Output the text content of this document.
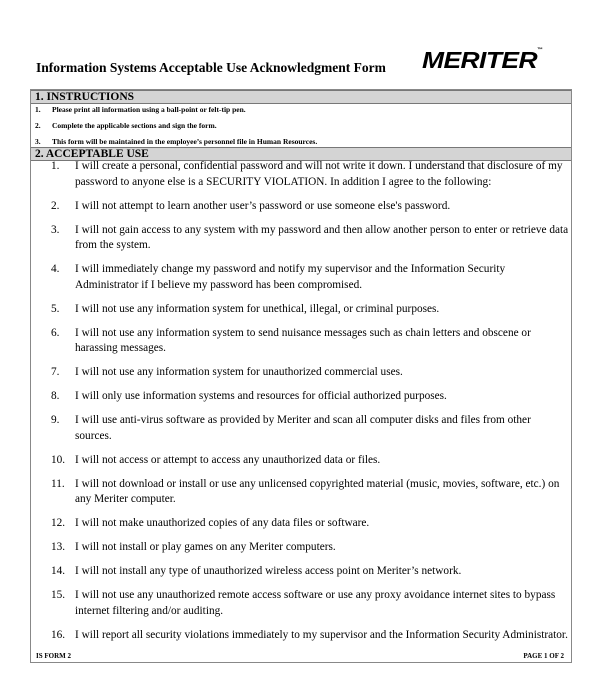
Information Systems Acceptable Use Acknowledgment Form MERITER™
1. INSTRUCTIONS
1. Please print all information using a ball-point or felt-tip pen.
2. Complete the applicable sections and sign the form.
3. This form will be maintained in the employee’s personnel file in Human Resources.
2. ACCEPTABLE USE
1. I will create a personal, confidential password and will not write it down. I understand that disclosure of my password to anyone else is a SECURITY VIOLATION. In addition I agree to the following:
2. I will not attempt to learn another user’s password or use someone else's password.
3. I will not gain access to any system with my password and then allow another person to enter or retrieve data from the system.
4. I will immediately change my password and notify my supervisor and the Information Security Administrator if I believe my password has been compromised.
5. I will not use any information system for unethical, illegal, or criminal purposes.
6. I will not use any information system to send nuisance messages such as chain letters and obscene or harassing messages.
7. I will not use any information system for unauthorized commercial uses.
8. I will only use information systems and resources for official authorized purposes.
9. I will use anti-virus software as provided by Meriter and scan all computer disks and files from other sources.
10. I will not access or attempt to access any unauthorized data or files.
11. I will not download or install or use any unlicensed copyrighted material (music, movies, software, etc.) on any Meriter computer.
12. I will not make unauthorized copies of any data files or software.
13. I will not install or play games on any Meriter computers.
14. I will not install any type of unauthorized wireless access point on Meriter’s network.
15. I will not use any unauthorized remote access software or use any proxy avoidance internet sites to bypass internet filtering and/or auditing.
16. I will report all security violations immediately to my supervisor and the Information Security Administrator.
IS FORM 2	PAGE 1 OF 2
